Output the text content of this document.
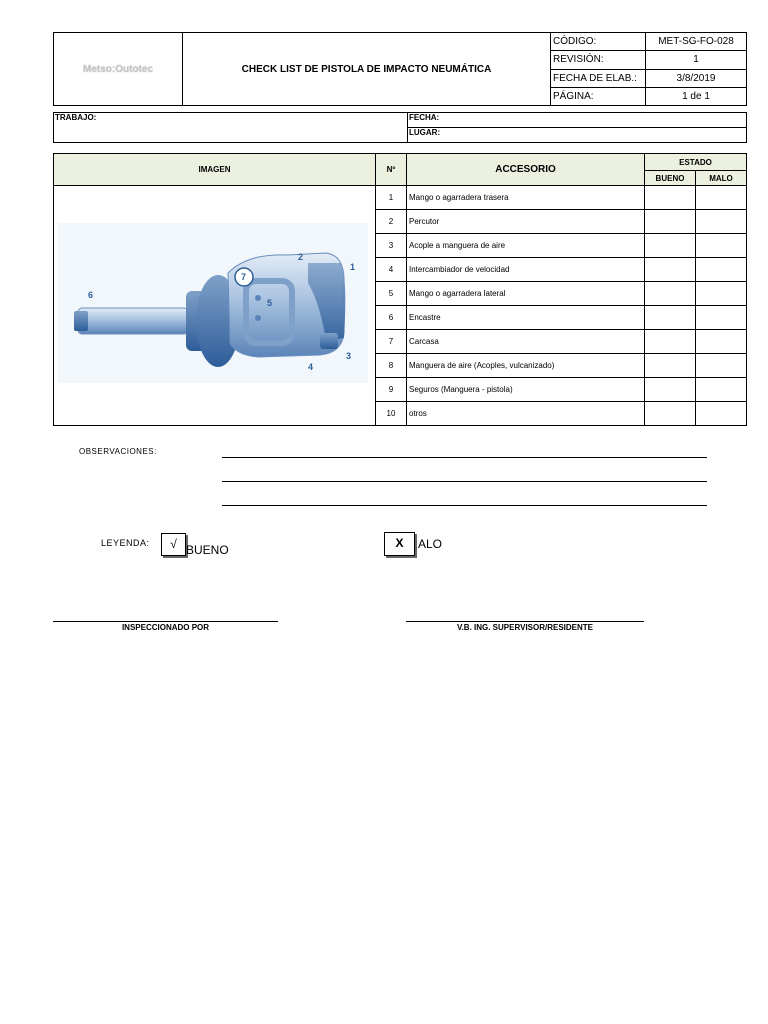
Metso:Outotec	CHECK LIST DE PISTOLA DE IMPACTO NEUMÁTICA	CÓDIGO:	MET-SG-FO-028
		REVISIÓN:	1
		FECHA DE ELAB.:	3/8/2019
		PÁGINA:	1 de 1
TRABAJO:	FECHA:
LUGAR:
IMAGEN	Nº	ACCESORIO	ESTADO	
			BUENO	MALO
	1	Mango o agarradera trasera		
	2	Percutor		
	3	Acople a manguera de aire		
	4	Intercambiador de velocidad		
	5	Mango o agarradera lateral		
	6	Encastre		
	7	Carcasa		
	8	Manguera de aire (Acoples, vulcanizado)		
	9	Seguros (Manguera - pistola)		
	10	otros		
1
2
3
4
5
6
7
OBSERVACIONES:
LEYENDA:	√ BUENO	X	ALO
INSPECCIONADO POR	V.B. ING. SUPERVISOR/RESIDENTE
